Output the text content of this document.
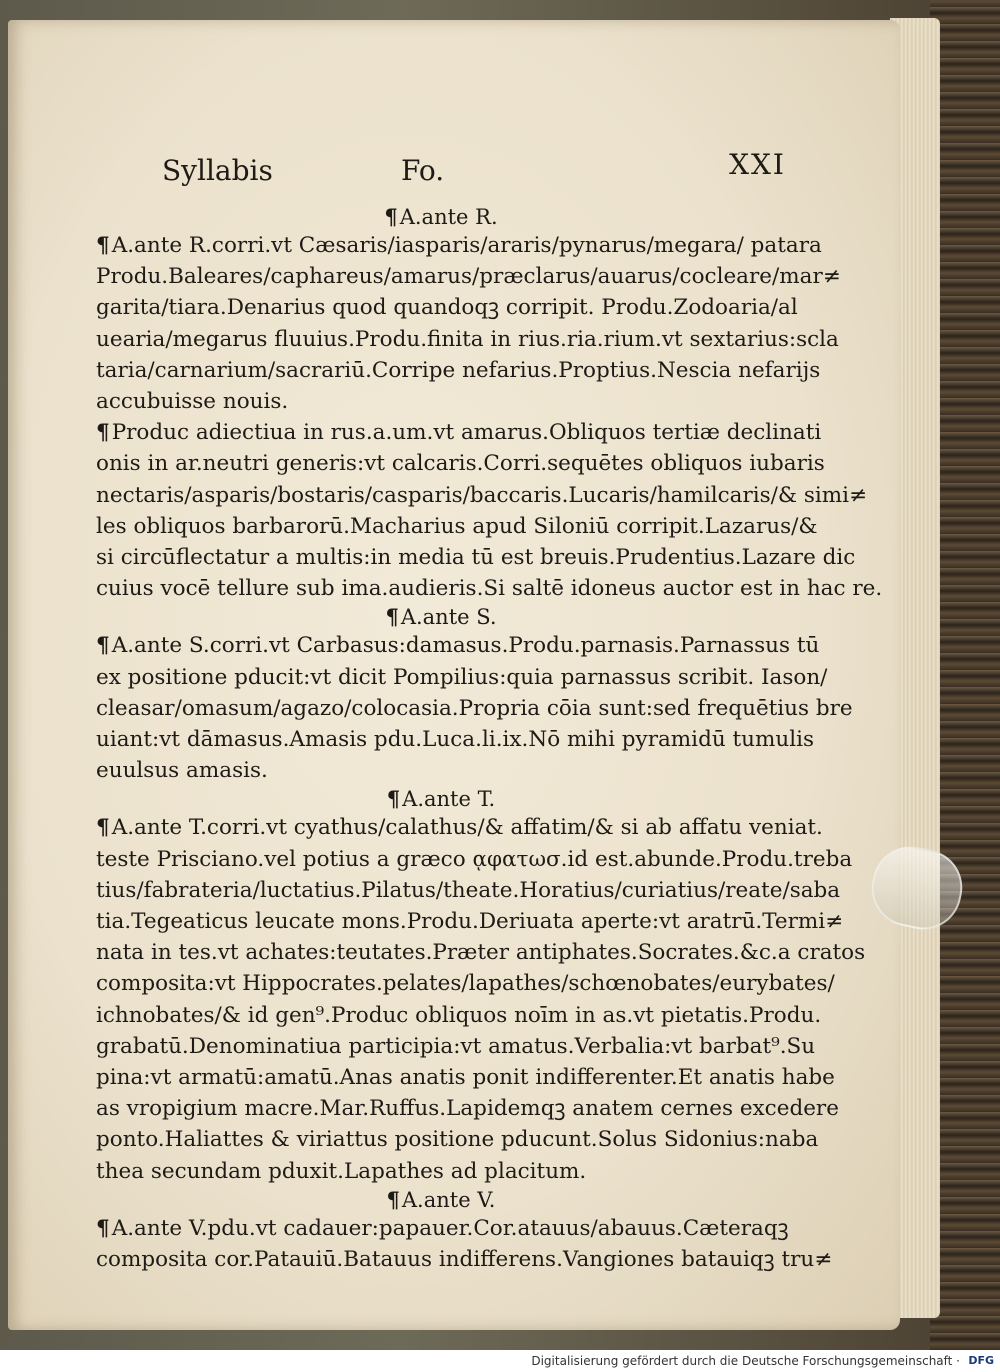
Syllabis	Fo.	XXI
¶A.ante R.
¶A.ante R.corri.vt Cæsaris/iasparis/araris/pynarus/megara/ patara
Produ.Baleares/caphareus/amarus/præclarus/auarus/cocleare/mar≠
garita/tiara.Denarius quod quandoqꝫ corripit. Produ.Zodoaria/al
uearia/megarus fluuius.Produ.finita in rius.ria.rium.vt sextarius:scla
taria/carnarium/sacrariū.Corripe nefarius.Proptius.Nescia nefarijs
accubuisse nouis.
¶Produc adiectiua in rus.a.um.vt amarus.Obliquos tertiæ declinati
onis in ar.neutri generis:vt calcaris.Corri.sequētes obliquos iubaris
nectaris/asparis/bostaris/casparis/baccaris.Lucaris/hamilcaris/& simi≠
les obliquos barbarorū.Macharius apud Siloniū corripit.Lazarus/&
si circūflectatur a multis:in media tū est breuis.Prudentius.Lazare dic
cuius vocē tellure sub ima.audieris.Si saltē idoneus auctor est in hac re.
¶A.ante S.
¶A.ante S.corri.vt Carbasus:damasus.Produ.parnasis.Parnassus tū
ex positione pducit:vt dicit Pompilius:quia parnassus scribit. Iason/
cleasar/omasum/agazo/colocasia.Propria cōia sunt:sed frequētius bre
uiant:vt dāmasus.Amasis pdu.Luca.li.ix.Nō mihi pyramidū tumulis
euulsus amasis.
¶A.ante T.
¶A.ante T.corri.vt cyathus/calathus/& affatim/& si ab affatu veniat.
teste Prisciano.vel potius a græco ᾳφατωσ.id est.abunde.Produ.treba
tius/fabrateria/luctatius.Pilatus/theate.Horatius/curiatius/reate/saba
tia.Tegeaticus leucate mons.Produ.Deriuata aperte:vt aratrū.Termi≠
nata in tes.vt achates:teutates.Præter antiphates.Socrates.&c.a cratos
composita:vt Hippocrates.pelates/lapathes/schœnobates/eurybates/
ichnobates/& id gen⁹.Produc obliquos noīm in as.vt pietatis.Produ.
grabatū.Denominatiua participia:vt amatus.Verbalia:vt barbat⁹.Su
pina:vt armatū:amatū.Anas anatis ponit indifferenter.Et anatis habe
as vropigium macre.Mar.Ruffus.Lapidemqꝫ anatem cernes excedere
ponto.Haliattes & viriattus positione pducunt.Solus Sidonius:naba
thea secundam pduxit.Lapathes ad placitum.
¶A.ante V.
¶A.ante V.pdu.vt cadauer:papauer.Cor.atauus/abauus.Cæteraqꝫ
composita cor.Patauiū.Batauus indifferens.Vangiones batauiqꝫ tru≠
Digitalisierung gefördert durch die Deutsche Forschungsgemeinschaft · DFG
